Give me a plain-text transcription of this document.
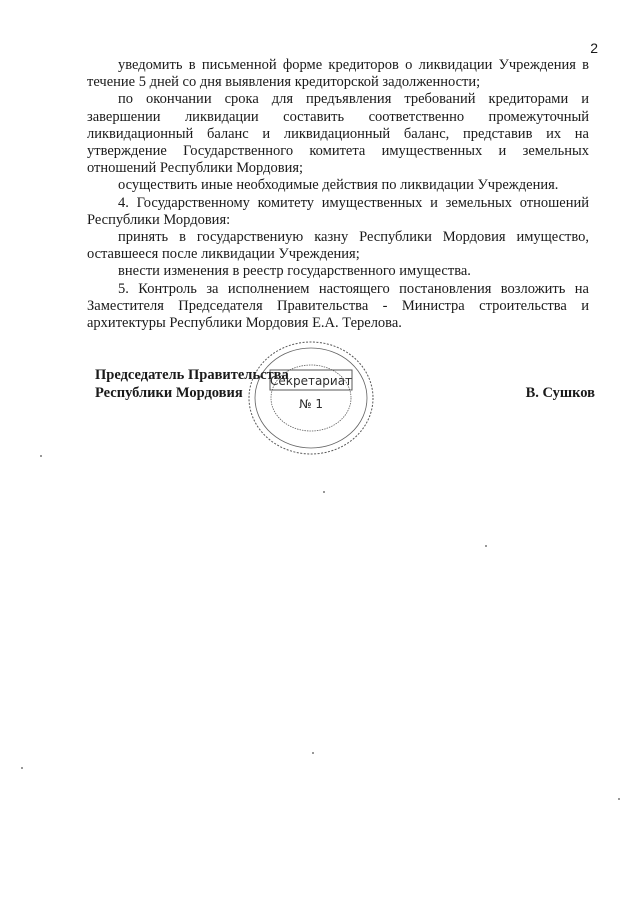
2

уведомить в письменной форме кредиторов о ликвидации Учреждения в течение 5 дней со дня выявления кредиторской задолженности;

по окончании срока для предъявления требований кредиторами и завершении ликвидации составить соответственно промежуточный ликвидационный баланс и ликвидационный баланс, представив их на утверждение Государственного комитета имущественных и земельных отношений Республики Мордовия;

осуществить иные необходимые действия по ликвидации Учреждения.

4. Государственному комитету имущественных и земельных отношений Республики Мордовия:

принять в государствениую казну Республики Мордовия имущество, оставшееся после ликвидации Учреждения;

внести изменения в реестр государственного имущества.

5. Контроль за исполнением настоящего постановления возложить на Заместителя Председателя Правительства - Министра строительства и архитектуры Республики Мордовия Е.А. Терелова.

Председатель Правительства
Республики Мордовия	В. Сушков
Секретариат
№ 1
